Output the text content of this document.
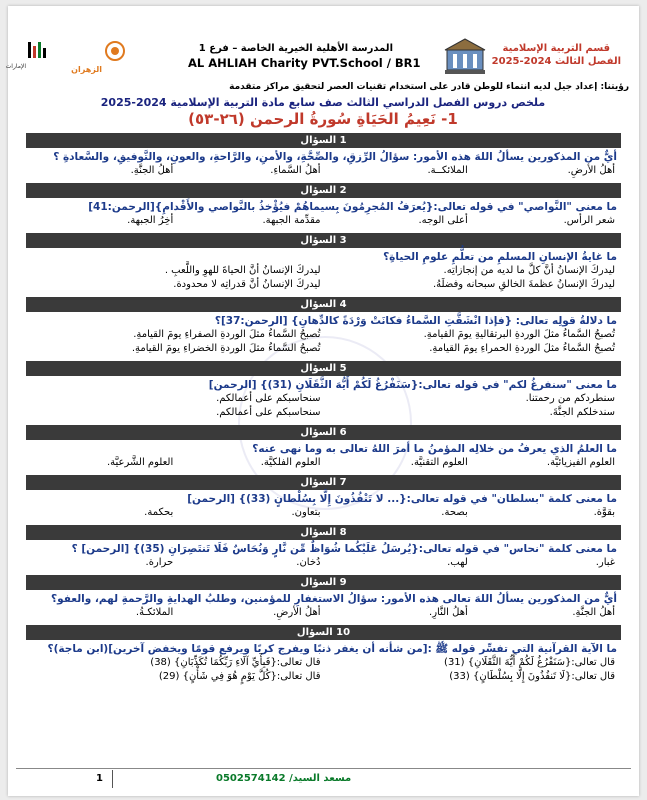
قسم التربية الإسلامية
الفصل الثالث 2024-2025
المدرسة الأهلية الخيرية الخاصة – فرع 1
AL AHLIAH Charity PVT.School / BR1
الإمارات	الزهران
رؤيتنا: إعداد جيل لديه انتماء للوطن قادر على استخدام تقنيات العصر لتحقيق مراكز متقدمة
ملخص دروس الفصل الدراسي الثالث صف سابع مادة التربية الإسلامية 2024-2025
1- نَعِيمُ الحَيَاةِ سُورةُ الرحمن (٢٦-٥٣)
1 السؤال
أيٌّ من المذكورين يسألُ اللهَ هذه الأمور: سؤالُ الرِّزقِ، والصِّحَّةِ، والأمنِ، والرَّاحةِ، والعونِ، والتَّوفيقِ، والسَّعادةِ ؟
أهلُ الأرضِ.
الملائكــة.
أهلُ السَّماءِ.
أهلُ الجنَّةِ.
2 السؤال
ما معنى "النَّواصي" في قوله تعالى:{يُعرَفُ المُجرِمُونَ بِسيماهُمْ فيُؤْخذُ بالنَّواصي والأَقْدامِ}[الرحمن:41]
شعر الرأس.
أعلى الوجه.
مقدِّمة الجبهة.
أخِرُ الجبهة.
3 السؤال
ما غايةُ الإنسانِ المسلمِ من تعلُّمِ علومِ الحياةِ؟
ليدركَ الإنسانُ أنَّ كلَّ ما لديه من إنجازاتِه.
ليدركَ الإنسانُ أنَّ الحياةَ للهوِ واللَّعبِ .
ليدركَ الإنسانُ عظمةَ الخالقِ سبحانه وفضلَهُ.
ليدركَ الإنسانُ أنَّ قدراتِه لا محدودة.
4 السؤال
ما دلالةُ قولِه تعالى: {فإذا انْشَقَّتِ السَّماءُ فكانَتْ وَرْدَةً كالدِّهانِ} [الرحمن:37]؟
تُصبحُ السَّماءُ مثلَ الوردةِ البرتقاليةِ يومَ القيامةِ.
تُصبحُ السَّماءُ مثلَ الوردةِ الصفراءِ يومَ القيامةِ.
تُصبحُ السَّماءُ مثلَ الوردةِ الحمراءِ يومَ القيامةِ.
تُصبحُ السَّماءُ مثلَ الوردةِ الخضراءِ يومَ القيامةِ.
5 السؤال
ما معنى "سنفرغُ لكم" في قوله تعالى:{سَنَفْرُغُ لَكُمْ أَيُّهَ الثَّقَلَانِ (31)} [الرحمن]
سنطردكم من رحمتنا.
سنحاسبكم على أعمالكم.
سندخلكم الجنَّةَ.
سنحاسبكم على أعمالكم.
6 السؤال
ما العلمُ الذي يعرفُ من خلالِه المؤمنُ ما أمرَ اللهُ تعالى به وما نهى عنه؟
العلوم الفيزيائيَّة.
العلوم التقنيَّة.
العلوم الفلكيَّة.
العلوم الشَّرعيَّة.
7 السؤال
ما معنى كلمة "بسلطان" في قوله تعالى:{... لا تَنْفُذُونَ إِلَّا بِسُلْطانٍ (33)} [الرحمن]
بقوَّة.
بصحة.
بتعاون.
بحكمة.
8 السؤال
ما معنى كلمة "نحاس" في قوله تعالى:{يُرسَلُ عَلَيْكُما شُوَاظٌ مِّن نَّارٍ وَنُحَاسٌ فَلَا تَنتَصِرَانِ (35)} [الرحمن] ؟
غبار.
لهب.
دُخان.
حرارة.
9 السؤال
أيٌّ من المذكورين يسألُ اللهَ تعالى هذه الأمور: سؤالُ الاستغفارِ للمؤمنين، وطلبُ الهدايةِ والرَّحمةِ لهم، والعفو؟
أهلُ الجنَّةِ.
أهلُ النَّارِ.
أهلُ الأرضِ.
الملائكـةُ.
10 السؤال
ما الآية القرآنية التي تفسِّر قوله ﷺ :[من شأنه أن يغفر ذنبًا ويفرج كربًا ويرفع قومًا ويخفض آخرين](ابن ماجة)؟
قال تعالى:{سَنَفْرُغُ لَكُمْ أَيُّهَ الثَّقَلَانِ} (31)
قال تعالى:{فَبِأَيِّ آلَاءِ رَبِّكُمَا تُكَذِّبَانِ} (38)
قال تعالى:{لَا تَنفُذُونَ إِلَّا بِسُلْطَانٍ} (33)
قال تعالى:{كُلَّ يَوْمٍ هُوَ فِي شَأْنٍ} (29)
مسعد السيد/ 0502574142
1
